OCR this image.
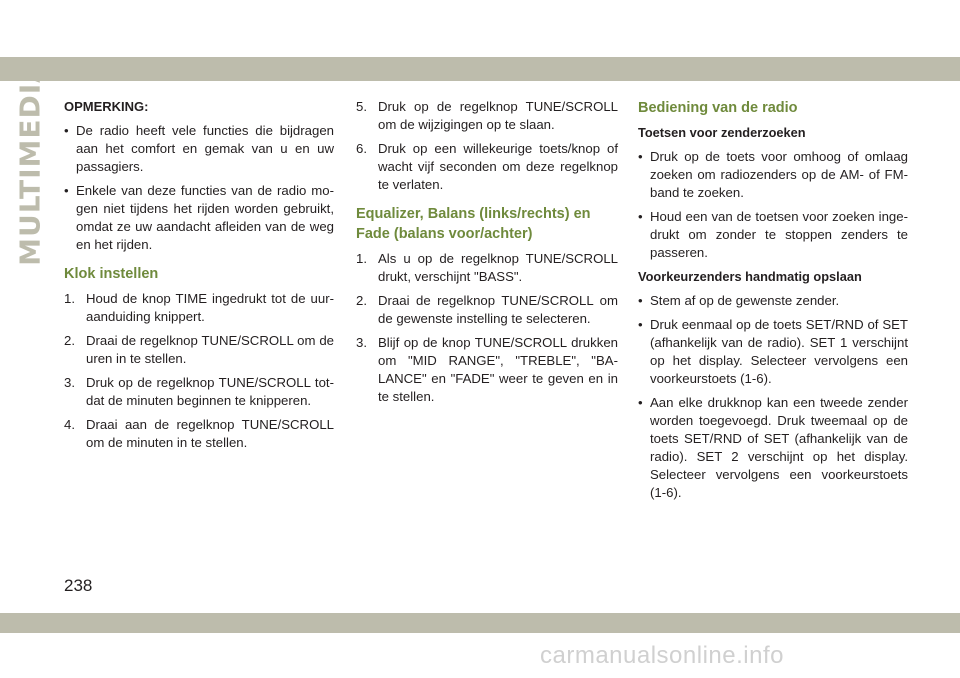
MULTIMEDIA OPMERKING:

• De radio heeft vele functies die bijdragen aan het comfort en gemak van u en uw passagiers.
• Enkele van deze functies van de radio mogen niet tijdens het rijden worden gebruikt, omdat ze uw aandacht afleiden van de weg en het rijden.
Klok instellen
1. Houd de knop TIME ingedrukt tot de uuraanduiding knippert.
2. Draai de regelknop TUNE/SCROLL om de uren in te stellen.
3. Druk op de regelknop TUNE/SCROLL totdat de minuten beginnen te knipperen.
4. Draai aan de regelknop TUNE/SCROLL om de minuten in te stellen.
5. Druk op de regelknop TUNE/SCROLL om de wijzigingen op te slaan.
6. Druk op een willekeurige toets/knop of wacht vijf seconden om deze regelknop te verlaten.
Equalizer, Balans (links/rechts) en Fade (balans voor/achter)
1. Als u op de regelknop TUNE/SCROLL drukt, verschijnt "BASS".
2. Draai de regelknop TUNE/SCROLL om de gewenste instelling te selecteren.
3. Blijf op de knop TUNE/SCROLL drukken om "MID RANGE", "TREBLE", "BALANCE" en "FADE" weer te geven en in te stellen.
Bediening van de radio

Toetsen voor zenderzoeken

• Druk op de toets voor omhoog of omlaag zoeken om radiozenders op de AM- of FM-band te zoeken.
• Houd een van de toetsen voor zoeken ingedrukt om zonder te stoppen zenders te passeren.

Voorkeurzenders handmatig opslaan

• Stem af op de gewenste zender.
• Druk eenmaal op de toets SET/RND of SET (afhankelijk van de radio). SET 1 verschijnt op het display. Selecteer vervolgens een voorkeurstoets (1-6).
• Aan elke drukknop kan een tweede zender worden toegevoegd. Druk tweemaal op de toets SET/RND of SET (afhankelijk van de radio). SET 2 verschijnt op het display. Selecteer vervolgens een voorkeurstoets (1-6).
238
carmanualsonline.info
